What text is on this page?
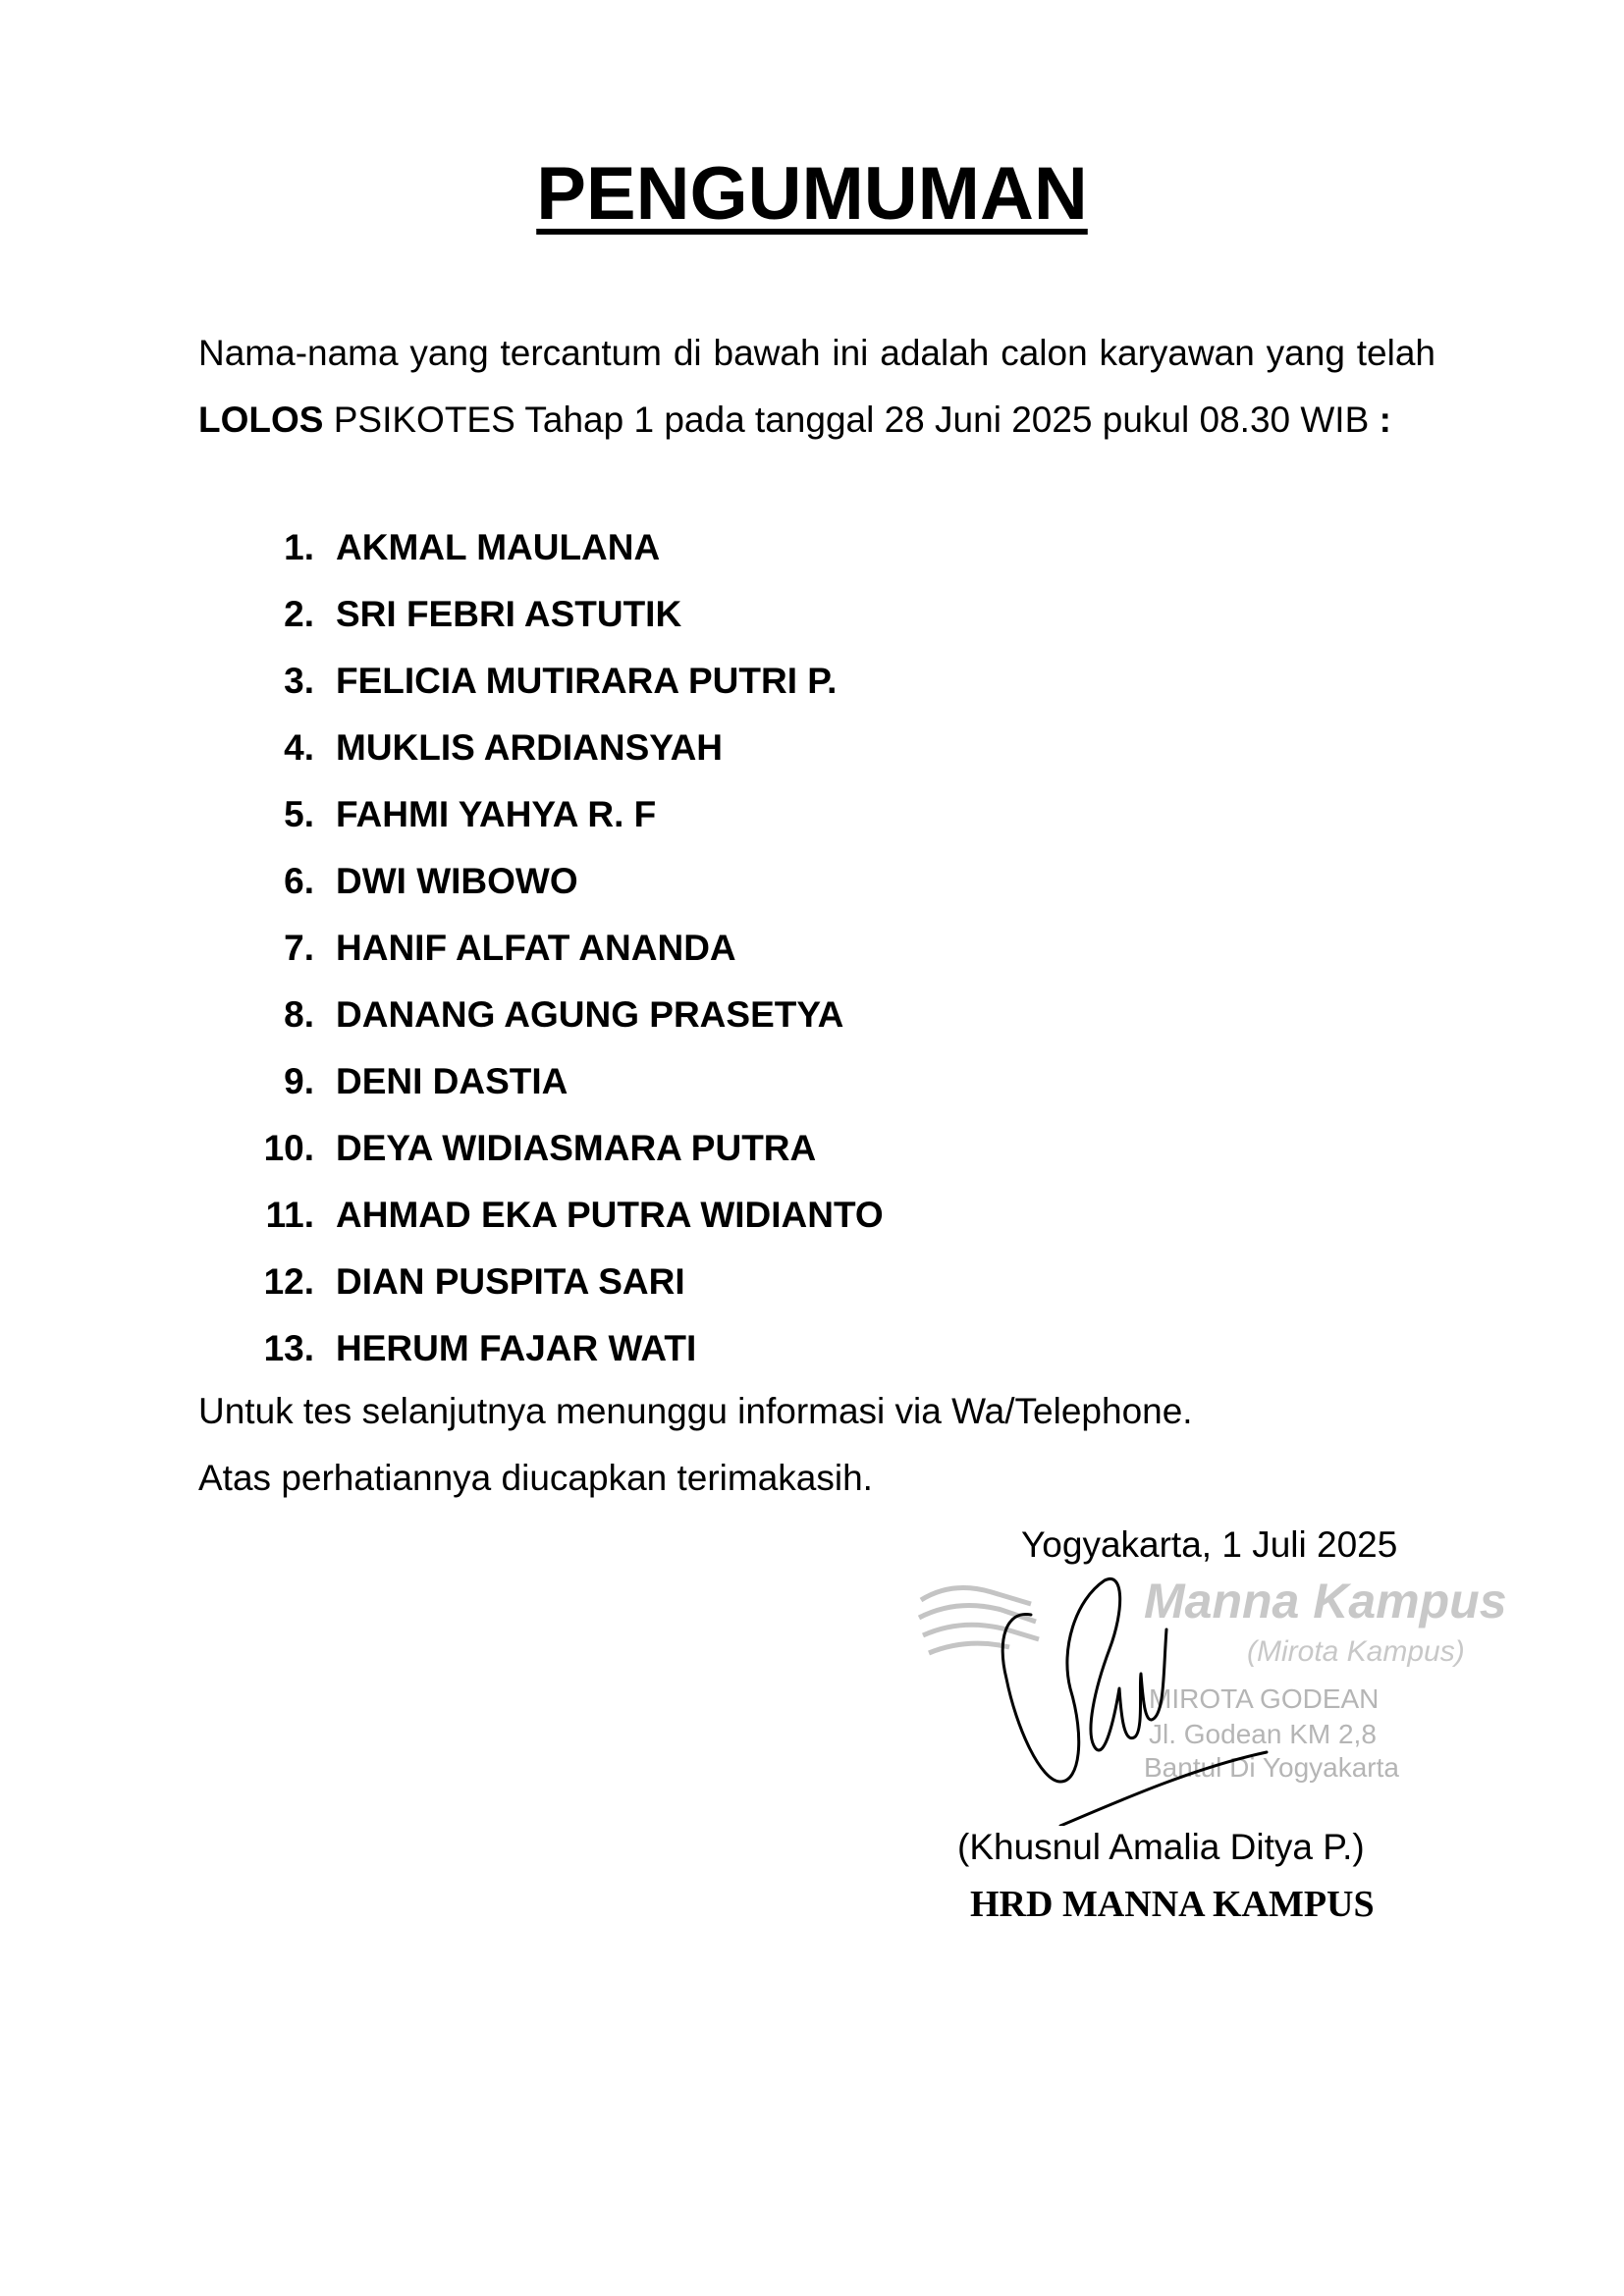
PENGUMUMAN

Nama-nama yang tercantum di bawah ini adalah calon karyawan yang telah LOLOS PSIKOTES Tahap 1 pada tanggal 28 Juni 2025 pukul 08.30 WIB :

1. AKMAL MAULANA
2. SRI FEBRI ASTUTIK
3. FELICIA MUTIRARA PUTRI P.
4. MUKLIS ARDIANSYAH
5. FAHMI YAHYA R. F
6. DWI WIBOWO
7. HANIF ALFAT ANANDA
8. DANANG AGUNG PRASETYA
9. DENI DASTIA
10. DEYA WIDIASMARA PUTRA
11. AHMAD EKA PUTRA WIDIANTO
12. DIAN PUSPITA SARI
13. HERUM FAJAR WATI

Untuk tes selanjutnya menunggu informasi via Wa/Telephone.

Atas perhatiannya diucapkan terimakasih.

Yogyakarta, 1 Juli 2025

Manna Kampus
(Mirota Kampus)
MIROTA GODEAN
Jl. Godean KM 2,8
Bantul Di Yogyakarta

(Khusnul Amalia Ditya P.)

HRD MANNA KAMPUS
